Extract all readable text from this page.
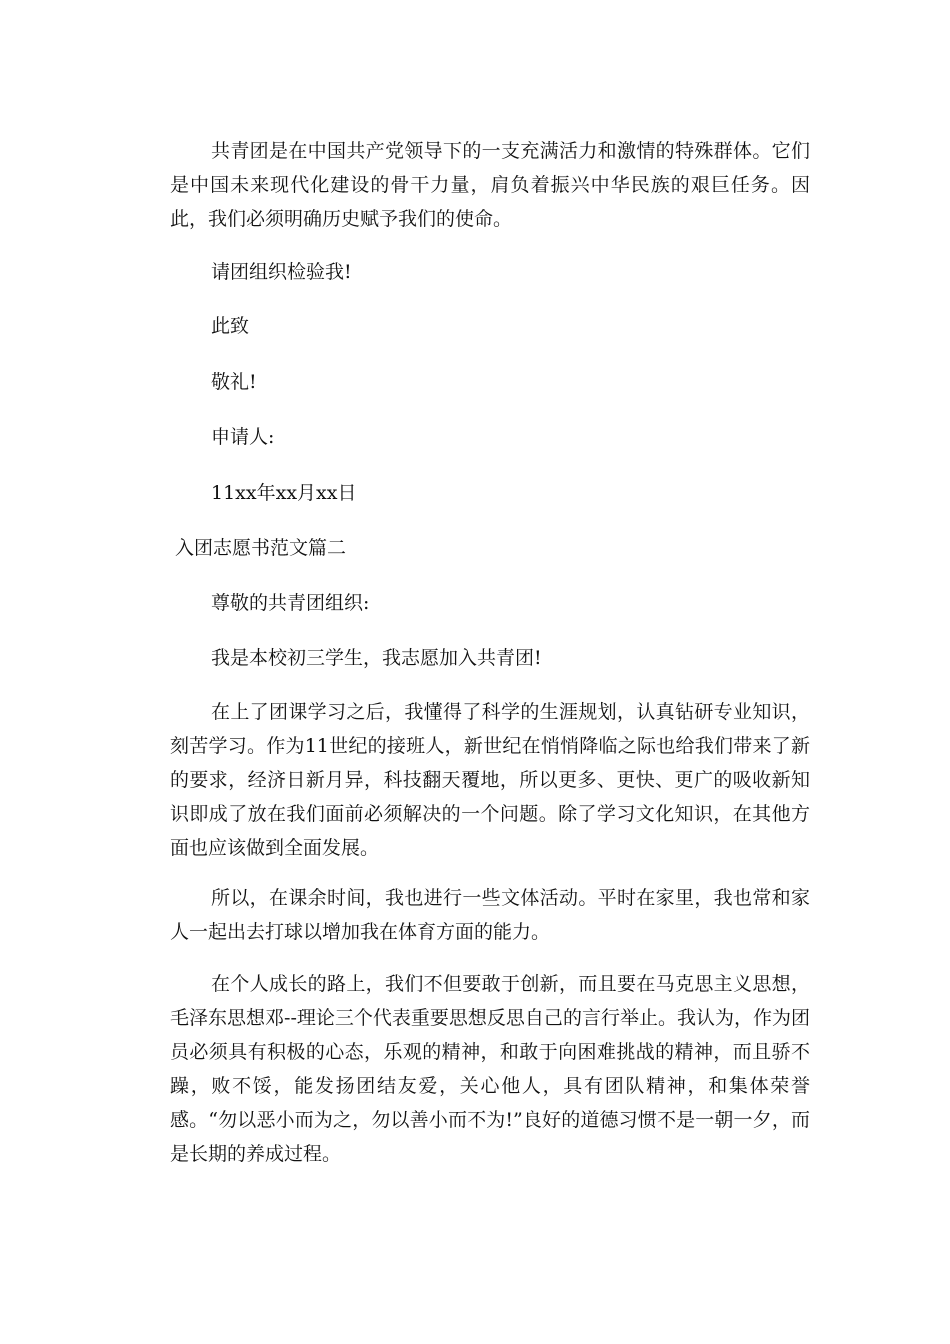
共青团是在中国共产党领导下的一支充满活力和激情的特殊群体。它们是中国未来现代化建设的骨干力量，肩负着振兴中华民族的艰巨任务。因此，我们必须明确历史赋予我们的使命。

请团组织检验我!

此致

敬礼!

申请人:

11xx年xx月xx日

入团志愿书范文篇二

尊敬的共青团组织:

我是本校初三学生，我志愿加入共青团!

在上了团课学习之后，我懂得了科学的生涯规划，认真钻研专业知识，刻苦学习。作为11世纪的接班人，新世纪在悄悄降临之际也给我们带来了新的要求，经济日新月异，科技翻天覆地，所以更多、更快、更广的吸收新知识即成了放在我们面前必须解决的一个问题。除了学习文化知识，在其他方面也应该做到全面发展。

所以，在课余时间，我也进行一些文体活动。平时在家里，我也常和家人一起出去打球以增加我在体育方面的能力。

在个人成长的路上，我们不但要敢于创新，而且要在马克思主义思想，毛泽东思想邓--理论三个代表重要思想反思自己的言行举止。我认为，作为团员必须具有积极的心态，乐观的精神，和敢于向困难挑战的精神，而且骄不躁，败不馁，能发扬团结友爱，关心他人，具有团队精神，和集体荣誉感。“勿以恶小而为之，勿以善小而不为!”良好的道德习惯不是一朝一夕，而是长期的养成过程。
